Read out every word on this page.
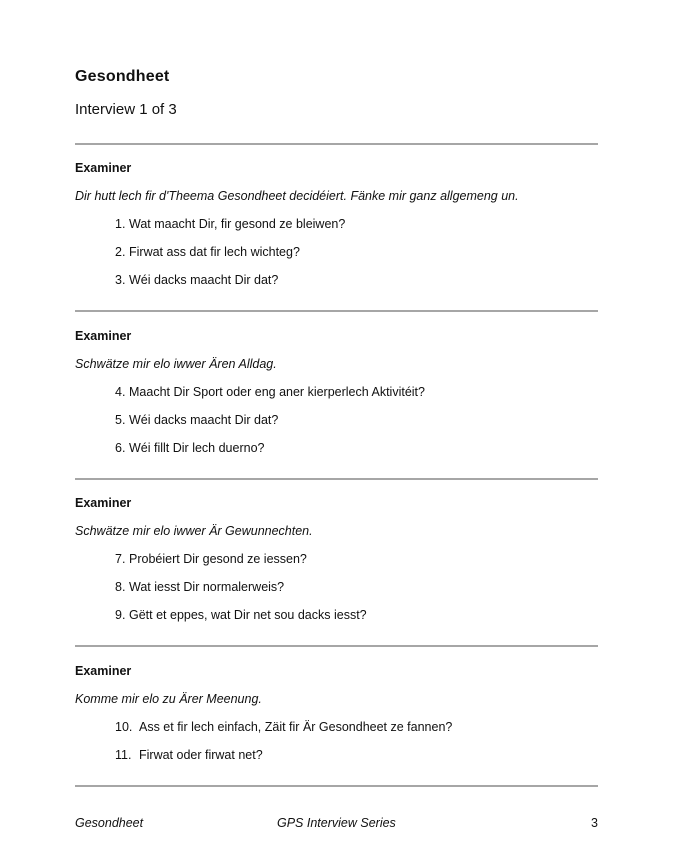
Gesondheet
Interview 1 of 3
Examiner
Dir hutt lech fir d'Theema Gesondheet decidéiert. Fänke mir ganz allgemeng un.
1. Wat maacht Dir, fir gesond ze bleiwen?
2. Firwat ass dat fir lech wichteg?
3. Wéi dacks maacht Dir dat?
Examiner
Schwätze mir elo iwwer Ären Alldag.
4. Maacht Dir Sport oder eng aner kierperlech Aktivitéit?
5. Wéi dacks maacht Dir dat?
6. Wéi fillt Dir lech duerno?
Examiner
Schwätze mir elo iwwer Är Gewunnechten.
7. Probéiert Dir gesond ze iessen?
8. Wat iesst Dir normalerweis?
9. Gëtt et eppes, wat Dir net sou dacks iesst?
Examiner
Komme mir elo zu Ärer Meenung.
10. Ass et fir lech einfach, Zäit fir Är Gesondheet ze fannen?
11. Firwat oder firwat net?
Gesondheet	GPS Interview Series	3
